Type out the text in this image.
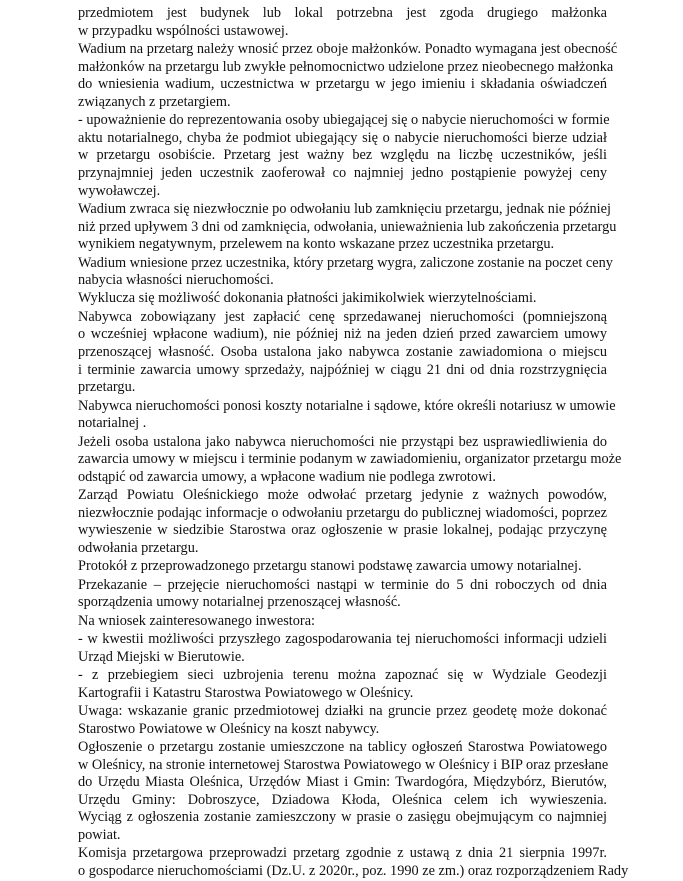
przedmiotem jest budynek lub lokal potrzebna jest zgoda drugiego małżonka
w przypadku wspólności ustawowej.
Wadium na przetarg należy wnosić przez oboje małżonków. Ponadto wymagana jest obecność
małżonków na przetargu lub zwykłe pełnomocnictwo udzielone przez nieobecnego małżonka
do wniesienia wadium, uczestnictwa w przetargu w jego imieniu i składania oświadczeń
związanych z przetargiem.
- upoważnienie do reprezentowania osoby ubiegającej się o nabycie nieruchomości w formie
aktu notarialnego, chyba że podmiot ubiegający się o nabycie nieruchomości bierze udział
w przetargu osobiście. Przetarg jest ważny bez względu na liczbę uczestników, jeśli
przynajmniej jeden uczestnik zaoferował co najmniej jedno postąpienie powyżej ceny
wywoławczej.
Wadium zwraca się niezwłocznie po odwołaniu lub zamknięciu przetargu, jednak nie później
niż przed upływem 3 dni od zamknięcia, odwołania, unieważnienia lub zakończenia przetargu
wynikiem negatywnym, przelewem na konto wskazane przez uczestnika przetargu.
Wadium wniesione przez uczestnika, który przetarg wygra, zaliczone zostanie na poczet ceny
nabycia własności nieruchomości.
Wyklucza się możliwość dokonania płatności jakimikolwiek wierzytelnościami.
Nabywca zobowiązany jest zapłacić cenę sprzedawanej nieruchomości (pomniejszoną
o wcześniej wpłacone wadium), nie później niż na jeden dzień przed zawarciem umowy
przenoszącej własność. Osoba ustalona jako nabywca zostanie zawiadomiona o miejscu
i terminie zawarcia umowy sprzedaży, najpóźniej w ciągu 21 dni od dnia rozstrzygnięcia
przetargu.
Nabywca nieruchomości ponosi koszty notarialne i sądowe, które określi notariusz w umowie
notarialnej .
Jeżeli osoba ustalona jako nabywca nieruchomości nie przystąpi bez usprawiedliwienia do
zawarcia umowy w miejscu i terminie podanym w zawiadomieniu, organizator przetargu może
odstąpić od zawarcia umowy, a wpłacone wadium nie podlega zwrotowi.
Zarząd Powiatu Oleśnickiego może odwołać przetarg jedynie z ważnych powodów,
niezwłocznie podając informacje o odwołaniu przetargu do publicznej wiadomości, poprzez
wywieszenie w siedzibie Starostwa oraz ogłoszenie w prasie lokalnej, podając przyczynę
odwołania przetargu.
Protokół z przeprowadzonego przetargu stanowi podstawę zawarcia umowy notarialnej.
Przekazanie – przejęcie nieruchomości nastąpi w terminie do 5 dni roboczych od dnia
sporządzenia umowy notarialnej przenoszącej własność.
Na wniosek zainteresowanego inwestora:
- w kwestii możliwości przyszłego zagospodarowania tej nieruchomości informacji udzieli
Urząd Miejski w Bierutowie.
- z przebiegiem sieci uzbrojenia terenu można zapoznać się w Wydziale Geodezji
Kartografii i Katastru Starostwa Powiatowego w Oleśnicy.
Uwaga: wskazanie granic przedmiotowej działki na gruncie przez geodetę może dokonać
Starostwo Powiatowe w Oleśnicy na koszt nabywcy.
Ogłoszenie o przetargu zostanie umieszczone na tablicy ogłoszeń Starostwa Powiatowego
w Oleśnicy, na stronie internetowej Starostwa Powiatowego w Oleśnicy i BIP oraz przesłane
do Urzędu Miasta Oleśnica, Urzędów Miast i Gmin: Twardogóra, Międzybórz, Bierutów,
Urzędu Gminy: Dobroszyce, Dziadowa Kłoda, Oleśnica celem ich wywieszenia.
Wyciąg z ogłoszenia zostanie zamieszczony w prasie o zasięgu obejmującym co najmniej
powiat.
Komisja przetargowa przeprowadzi przetarg zgodnie z ustawą z dnia 21 sierpnia 1997r.
o gospodarce nieruchomościami (Dz.U. z 2020r., poz. 1990 ze zm.) oraz rozporządzeniem Rady
